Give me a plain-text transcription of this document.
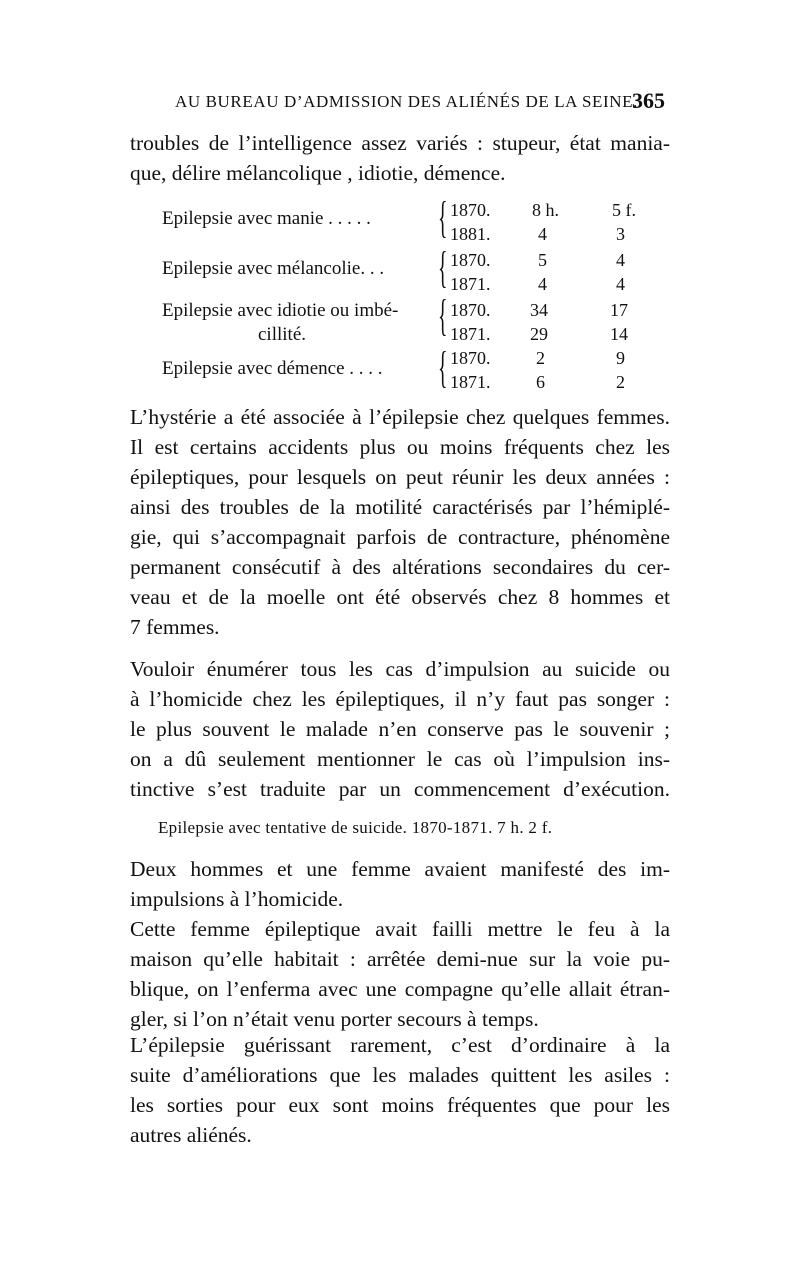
AU BUREAU D’ADMISSION DES ALIÉNÉS DE LA SEINE.
365
troubles de l’intelligence assez variés : stupeur, état mania-
que, délire mélancolique , idiotie, démence.
Epilepsie avec manie . . . . . { 1870. 8 h.	5 f.
1881.	4	3
Epilepsie avec mélancolie. . . { 1870.	5	4
1871.	4	4
Epilepsie avec idiotie ou imbé-
cillité.	{ 1870. 34	17
1871. 29	14
Epilepsie avec démence . . . . { 1870.	2	9
1871.	6	2
L’hystérie a été associée à l’épilepsie chez quelques femmes.
Il est certains accidents plus ou moins fréquents chez les
épileptiques, pour lesquels on peut réunir les deux années :
ainsi des troubles de la motilité caractérisés par l’hémiplé-
gie, qui s’accompagnait parfois de contracture, phénomène
permanent consécutif à des altérations secondaires du cer-
veau et de la moelle ont été observés chez 8 hommes et
7 femmes.
Vouloir énumérer tous les cas d’impulsion au suicide ou
à l’homicide chez les épileptiques, il n’y faut pas songer :
le plus souvent le malade n’en conserve pas le souvenir ;
on a dû seulement mentionner le cas où l’impulsion ins-
tinctive s’est traduite par un commencement d’exécution.
Epilepsie avec tentative de suicide. 1870-1871. 7 h. 2 f.
Deux hommes et une femme avaient manifesté des im-
impulsions à l’homicide.
Cette femme épileptique avait failli mettre le feu à la
maison qu’elle habitait : arrêtée demi-nue sur la voie pu-
blique, on l’enferma avec une compagne qu’elle allait étran-
gler, si l’on n’était venu porter secours à temps.
L’épilepsie guérissant rarement, c’est d’ordinaire à la
suite d’améliorations que les malades quittent les asiles :
les sorties pour eux sont moins fréquentes que pour les
autres aliénés.
